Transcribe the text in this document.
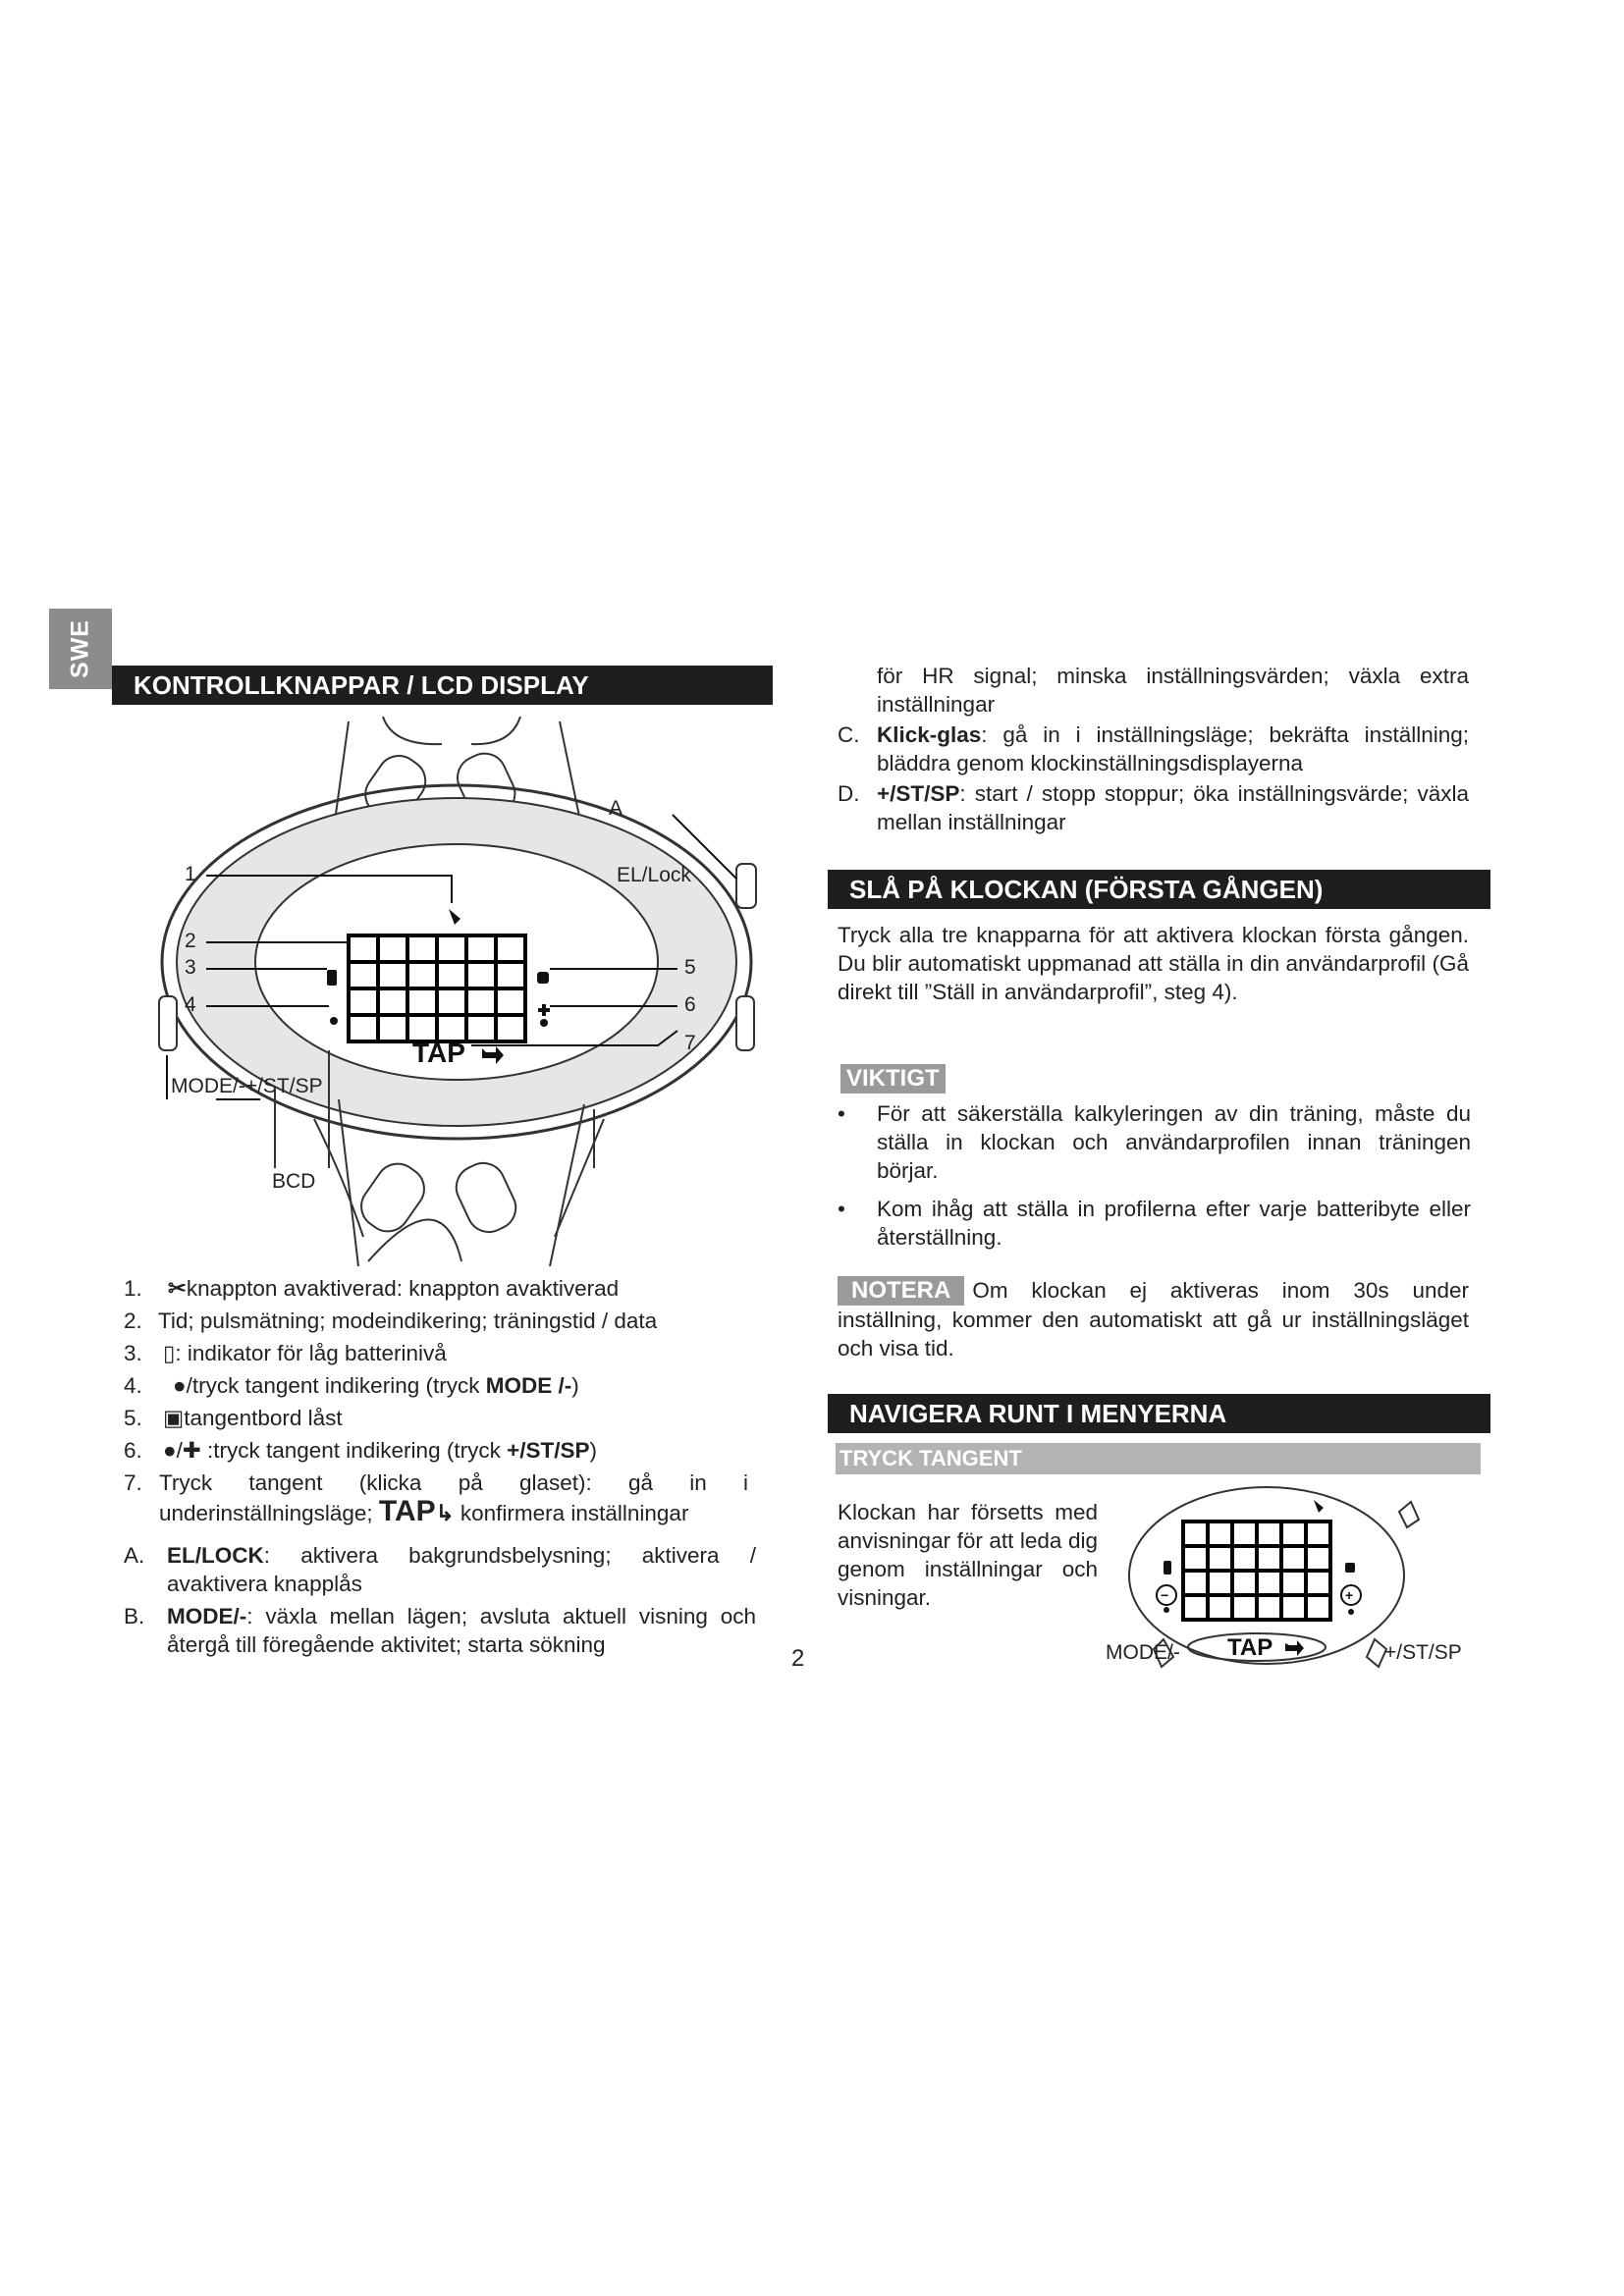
SWE
KONTROLLKNAPPAR / LCD DISPLAY
TAP
A
EL/Lock
1
2
3
4
5
6
7
MODE/-+/ST/SP
BCD
1. ✂knappton avaktiverad: knappton avaktiverad
2. Tid; pulsmätning; modeindikering; träningstid / data
3. ▯: indikator för låg batterinivå
4. ●/tryck tangent indikering (tryck MODE /-)
5. ▣tangentbord låst
6. ●/✚ :tryck tangent indikering (tryck +/ST/SP)
7. Tryck tangent (klicka på glaset): gå in i underinställningsläge; TAP↳ konfirmera inställningar
A. EL/LOCK: aktivera bakgrundsbelysning; aktivera / avaktivera knapplås
B. MODE/-: växla mellan lägen; avsluta aktuell visning och återgå till föregående aktivitet; starta sökning
2
för HR signal; minska inställningsvärden; växla extra inställningar
C. Klick-glas: gå in i inställningsläge; bekräfta inställning; bläddra genom klockinställningsdisplayerna
D. +/ST/SP: start / stopp stoppur; öka inställningsvärde; växla mellan inställningar
SLÅ PÅ KLOCKAN (FÖRSTA GÅNGEN)
Tryck alla tre knapparna för att aktivera klockan första gången. Du blir automatiskt uppmanad att ställa in din användarprofil (Gå direkt till ”Ställ in användarprofil”, steg 4).
VIKTIGT
• För att säkerställa kalkyleringen av din träning, måste du ställa in klockan och användarprofilen innan träningen börjar.
• Kom ihåg att ställa in profilerna efter varje batteribyte eller återställning.
NOTERA Om klockan ej aktiveras inom 30s under inställning, kommer den automatiskt att gå ur inställningsläget och visa tid.
NAVIGERA RUNT I MENYERNA
TRYCK TANGENT
Klockan har försetts med anvisningar för att leda dig genom inställningar och visningar.	−	+
TAP
MODE/-	+/ST/SP
